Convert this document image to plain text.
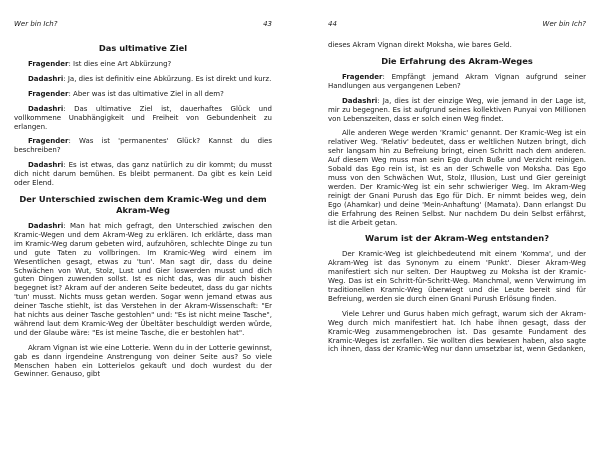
Wer bin Ich?	43
Das ultimative Ziel

Fragender: Ist dies eine Art Abkürzung?

Dadashri: Ja, dies ist definitiv eine Abkürzung. Es ist direkt und kurz.

Fragender: Aber was ist das ultimative Ziel in all dem?

Dadashri: Das ultimative Ziel ist, dauerhaftes Glück und vollkommene Unabhängigkeit und Freiheit von Gebundenheit zu erlangen.

Fragender: Was ist 'permanentes' Glück? Kannst du dies beschreiben?

Dadashri: Es ist etwas, das ganz natürlich zu dir kommt; du musst dich nicht darum bemühen. Es bleibt permanent. Da gibt es kein Leid oder Elend.

Der Unterschied zwischen dem Kramic-Weg und dem Akram-Weg

Dadashri: Man hat mich gefragt, den Unterschied zwischen den Kramic-Wegen und dem Akram-Weg zu erklären. Ich erklärte, dass man im Kramic-Weg darum gebeten wird, aufzuhören, schlechte Dinge zu tun und gute Taten zu vollbringen. Im Kramic-Weg wird einem im Wesentlichen gesagt, etwas zu 'tun'. Man sagt dir, dass du deine Schwächen von Wut, Stolz, Lust und Gier loswerden musst und dich guten Dingen zuwenden sollst. Ist es nicht das, was dir auch bisher begegnet ist? Akram auf der anderen Seite bedeutet, dass du gar nichts 'tun' musst. Nichts muss getan werden. Sogar wenn jemand etwas aus deiner Tasche stiehlt, ist das Verstehen in der Akram-Wissenschaft: "Er hat nichts aus deiner Tasche gestohlen" und: "Es ist nicht meine Tasche", während laut dem Kramic-Weg der Übeltäter beschuldigt werden würde, und der Glaube wäre: "Es ist meine Tasche, die er bestohlen hat".

Akram Vignan ist wie eine Lotterie. Wenn du in der Lotterie gewinnst, gab es dann irgendeine Anstrengung von deiner Seite aus? So viele Menschen haben ein Lotterielos gekauft und doch wurdest du der Gewinner. Genauso, gibt

44	Wer bin Ich?

dieses Akram Vignan direkt Moksha, wie bares Geld.

Die Erfahrung des Akram-Weges

Fragender: Empfängt jemand Akram Vignan aufgrund seiner Handlungen aus vergangenen Leben?

Dadashri: Ja, dies ist der einzige Weg, wie jemand in der Lage ist, mir zu begegnen. Es ist aufgrund seines kollektiven Punyai von Millionen von Lebenszeiten, dass er solch einen Weg findet.

Alle anderen Wege werden 'Kramic' genannt. Der Kramic-Weg ist ein relativer Weg. 'Relativ' bedeutet, dass er weltlichen Nutzen bringt, dich sehr langsam hin zu Befreiung bringt, einen Schritt nach dem anderen. Auf diesem Weg muss man sein Ego durch Buße und Verzicht reinigen. Sobald das Ego rein ist, ist es an der Schwelle von Moksha. Das Ego muss von den Schwächen Wut, Stolz, Illusion, Lust und Gier gereinigt werden. Der Kramic-Weg ist ein sehr schwieriger Weg. Im Akram-Weg reinigt der Gnani Purush das Ego für Dich. Er nimmt beides weg, dein Ego (Ahamkar) und deine 'Mein-Anhaftung' (Mamata). Dann erlangst Du die Erfahrung des Reinen Selbst. Nur nachdem Du dein Selbst erfährst, ist die Arbeit getan.

Warum ist der Akram-Weg entstanden?

Der Kramic-Weg ist gleichbedeutend mit einem 'Komma', und der Akram-Weg ist das Synonym zu einem 'Punkt'. Dieser Akram-Weg manifestiert sich nur selten. Der Hauptweg zu Moksha ist der Kramic-Weg. Das ist ein Schritt-für-Schritt-Weg. Manchmal, wenn Verwirrung im traditionellen Kramic-Weg überwiegt und die Leute bereit sind für Befreiung, werden sie durch einen Gnani Purush Erlösung finden.

Viele Lehrer und Gurus haben mich gefragt, warum sich der Akram-Weg durch mich manifestiert hat. Ich habe ihnen gesagt, dass der Kramic-Weg zusammengebrochen ist. Das gesamte Fundament des Kramic-Weges ist zerfallen. Sie wollten dies bewiesen haben, also sagte ich ihnen, dass der Kramic-Weg nur dann umsetzbar ist, wenn Gedanken,
